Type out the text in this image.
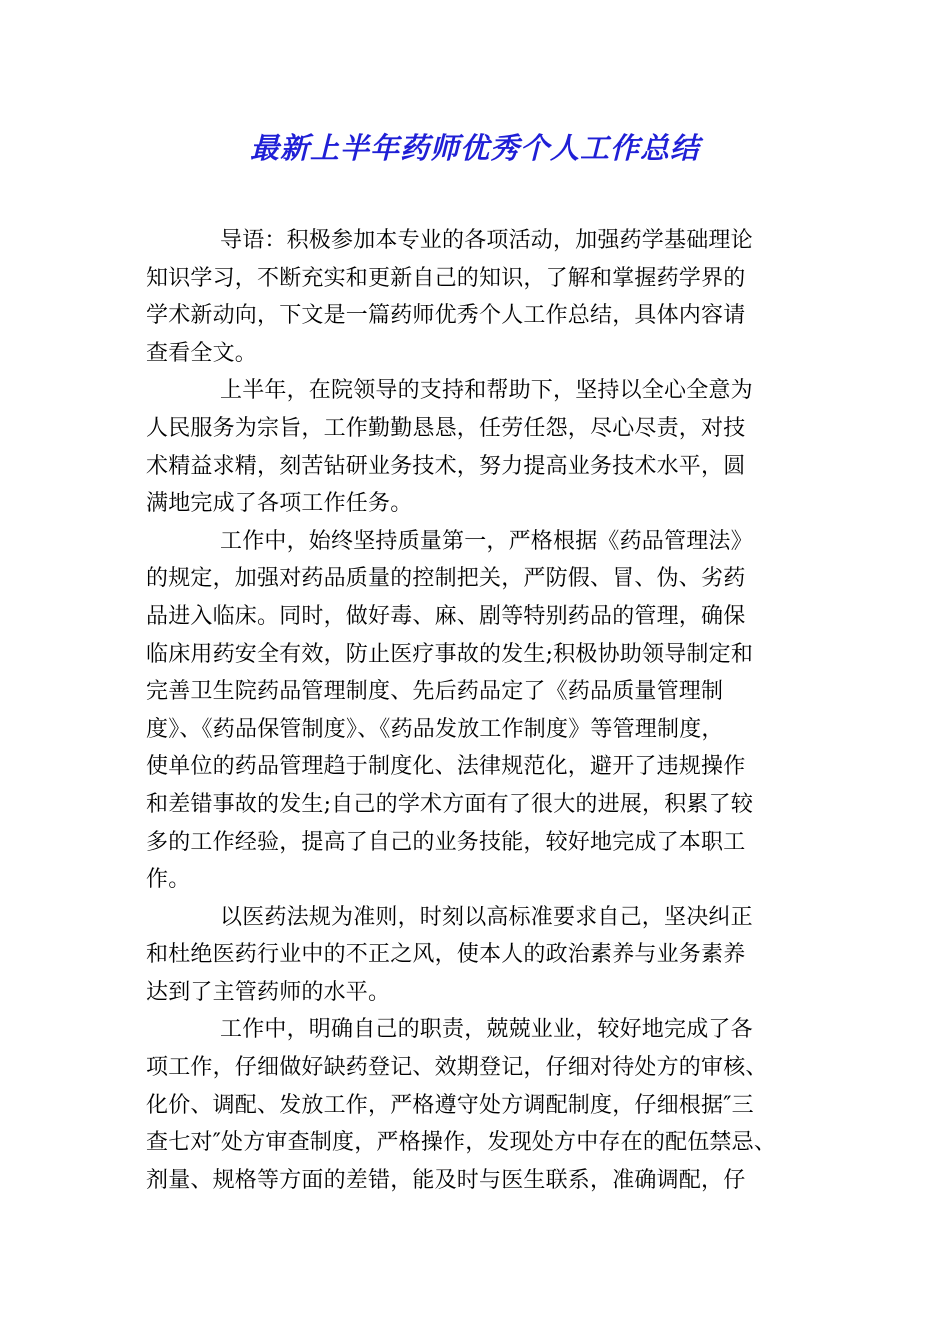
最新上半年药师优秀个人工作总结
导语：积极参加本专业的各项活动，加强药学基础理论
知识学习，不断充实和更新自己的知识，了解和掌握药学界的
学术新动向，下文是一篇药师优秀个人工作总结，具体内容请
查看全文。
上半年，在院领导的支持和帮助下，坚持以全心全意为
人民服务为宗旨，工作勤勤恳恳，任劳任怨，尽心尽责，对技
术精益求精，刻苦钻研业务技术，努力提高业务技术水平，圆
满地完成了各项工作任务。
工作中，始终坚持质量第一，严格根据《药品管理法》
的规定，加强对药品质量的控制把关，严防假、冒、伪、劣药
品进入临床。同时，做好毒、麻、剧等特别药品的管理，确保
临床用药安全有效，防止医疗事故的发生;积极协助领导制定和
完善卫生院药品管理制度、先后药品定了《药品质量管理制
度》、《药品保管制度》、《药品发放工作制度》等管理制度，
使单位的药品管理趋于制度化、法律规范化，避开了违规操作
和差错事故的发生;自己的学术方面有了很大的进展，积累了较
多的工作经验，提高了自己的业务技能，较好地完成了本职工
作。
以医药法规为准则，时刻以高标准要求自己，坚决纠正
和杜绝医药行业中的不正之风，使本人的政治素养与业务素养
达到了主管药师的水平。
工作中，明确自己的职责，兢兢业业，较好地完成了各
项工作，仔细做好缺药登记、效期登记，仔细对待处方的审核、
化价、调配、发放工作，严格遵守处方调配制度，仔细根据″三
查七对″处方审查制度，严格操作，发现处方中存在的配伍禁忌、
剂量、规格等方面的差错，能及时与医生联系，准确调配，仔
